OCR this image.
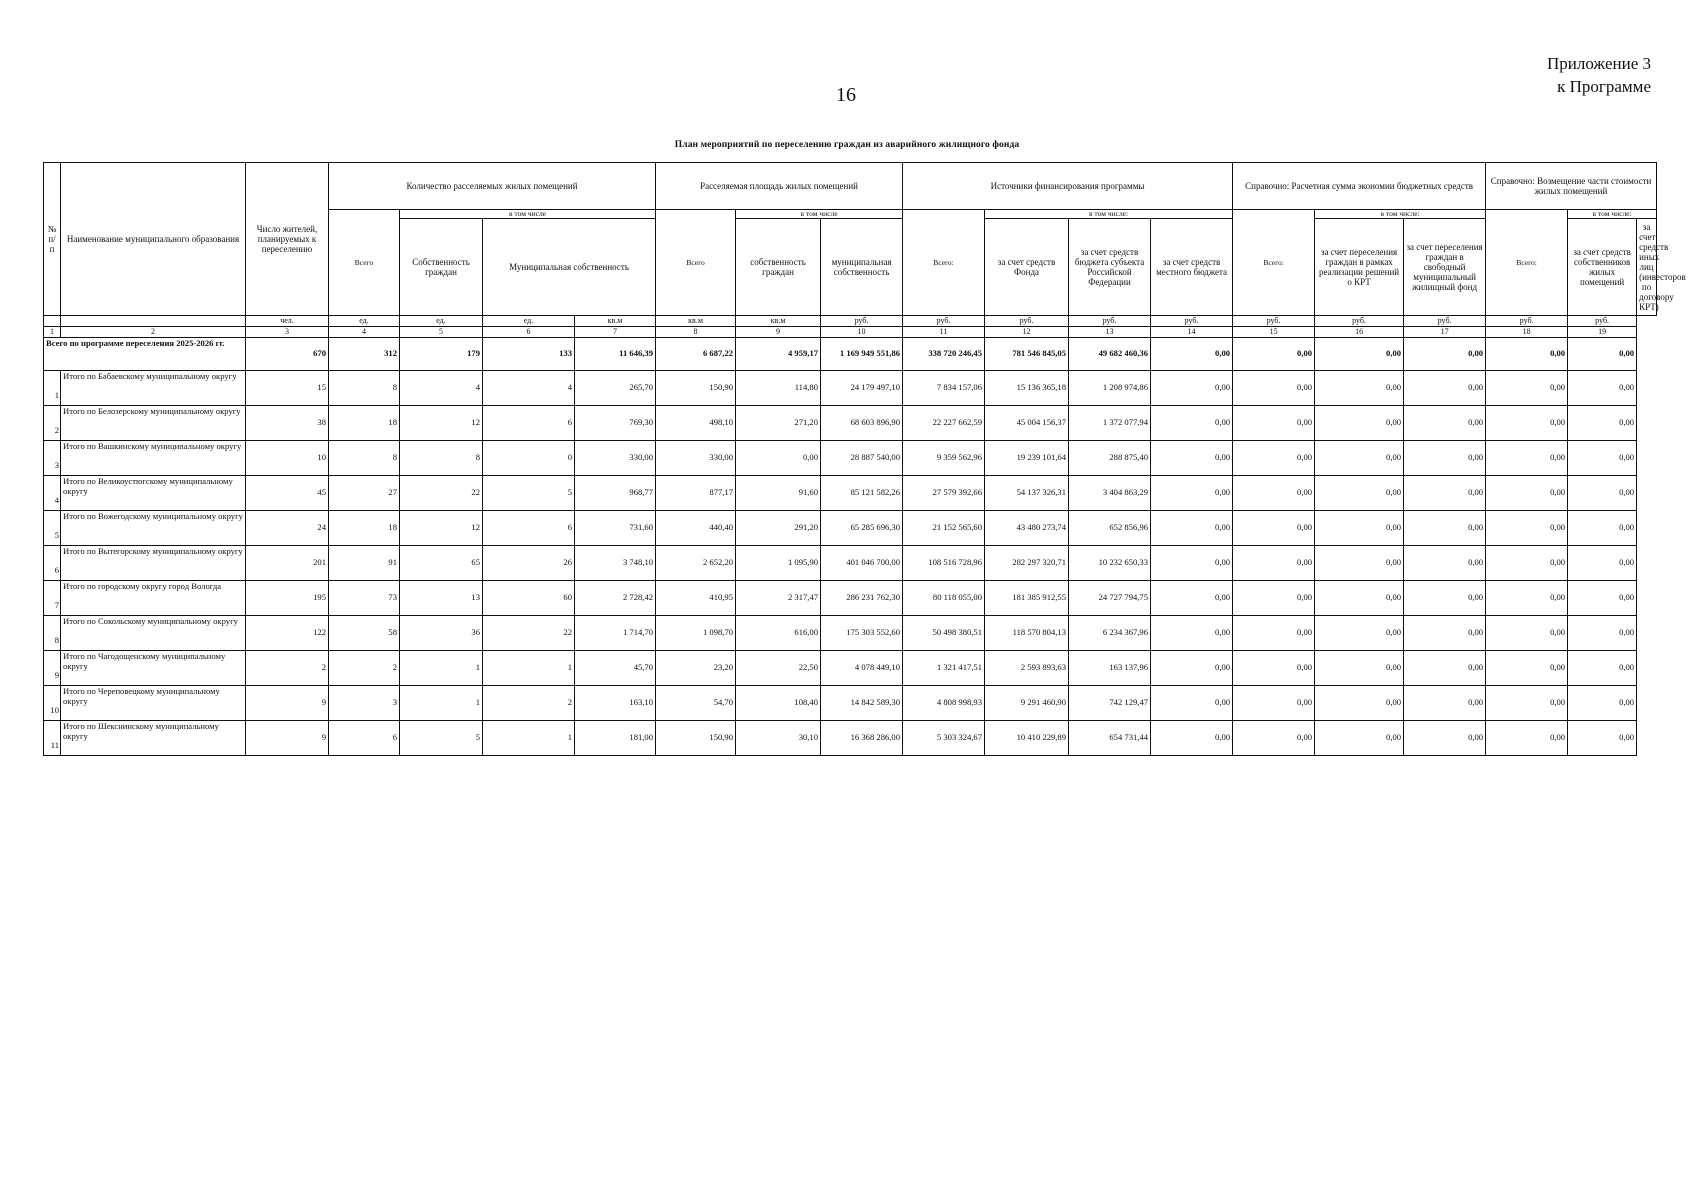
Приложение 3
к Программе
16
План мероприятий по переселению граждан из аварийного жилищного фонда
№ п/п	Наименование муниципального образования	Число жителей, планируемых к переселению	Количество расселяемых жилых помещений				Расселяемая площадь жилых помещений			Источники финансирования программы				Справочно: Расчетная сумма экономии бюджетных средств			Справочно: Возмещение части стоимости жилых помещений		
			Всего	в том числе			Всего	в том числе		Всего:	в том числе:			Всего:	в том числе:		Всего:	в том числе:	
				Собственность граждан	Муниципальная собственность			собственность граждан	муниципальная собственность		за счет средств Фонда	за счет средств бюджета субъекта Российской Федерации	за счет средств местного бюджета		за счет переселения граждан в рамках реализации решений о КРТ	за счет переселения граждан в свободный муниципальный жилищный фонд		за счет средств собственников жилых помещений	за счет средств иных лиц (инвесторов по договору КРТ)
		чел.	ед.	ед.	ед.	кв.м	кв.м	кв.м	руб.	руб.	руб.	руб.	руб.	руб.	руб.	руб.	руб.	руб.	
1	2	3	4	5	6	7	8	9	10	11	12	13	14	15	16	17	18	19	
Всего по программе переселения 2025-2026 гг.		670	312	179	133	11 646,39	6 687,22	4 959,17	1 169 949 551,86	338 720 246,45	781 546 845,05	49 682 460,36	0,00	0,00	0,00	0,00	0,00	0,00	
1	Итого по Бабаевскому муниципальному округу	15	8	4	4	265,70	150,90	114,80	24 179 497,10	7 834 157,06	15 136 365,18	1 208 974,86	0,00	0,00	0,00	0,00	0,00	0,00	
2	Итого по Белозерскому муниципальному округу	38	18	12	6	769,30	498,10	271,20	68 603 896,90	22 227 662,59	45 004 156,37	1 372 077,94	0,00	0,00	0,00	0,00	0,00	0,00	
3	Итого по Вашкинскому муниципальному округу	10	8	8	0	330,00	330,00	0,00	28 887 540,00	9 359 562,96	19 239 101,64	288 875,40	0,00	0,00	0,00	0,00	0,00	0,00	
4	Итого по Великоустюгскому муниципальному округу	45	27	22	5	968,77	877,17	91,60	85 121 582,26	27 579 392,66	54 137 326,31	3 404 863,29	0,00	0,00	0,00	0,00	0,00	0,00	
5	Итого по Вожегодскому муниципальному округу	24	18	12	6	731,60	440,40	291,20	65 285 696,30	21 152 565,60	43 480 273,74	652 856,96	0,00	0,00	0,00	0,00	0,00	0,00	
6	Итого по Вытегорскому муниципальному округу	201	91	65	26	3 748,10	2 652,20	1 095,90	401 046 700,00	108 516 728,96	282 297 320,71	10 232 650,33	0,00	0,00	0,00	0,00	0,00	0,00	
7	Итого по городскому округу город Вологда	195	73	13	60	2 728,42	410,95	2 317,47	286 231 762,30	80 118 055,00	181 385 912,55	24 727 794,75	0,00	0,00	0,00	0,00	0,00	0,00	
8	Итого по Сокольскому муниципальному округу	122	58	36	22	1 714,70	1 098,70	616,00	175 303 552,60	50 498 380,51	118 570 804,13	6 234 367,96	0,00	0,00	0,00	0,00	0,00	0,00	
9	Итого по Чагодощенскому муниципальному округу	2	2	1	1	45,70	23,20	22,50	4 078 449,10	1 321 417,51	2 593 893,63	163 137,96	0,00	0,00	0,00	0,00	0,00	0,00	
10	Итого по Череповецкому муниципальному округу	9	3	1	2	163,10	54,70	108,40	14 842 589,30	4 808 998,93	9 291 460,90	742 129,47	0,00	0,00	0,00	0,00	0,00	0,00	
11	Итого по Шекснинскому муниципальному округу	9	6	5	1	181,00	150,90	30,10	16 368 286,00	5 303 324,67	10 410 229,89	654 731,44	0,00	0,00	0,00	0,00	0,00	0,00	
